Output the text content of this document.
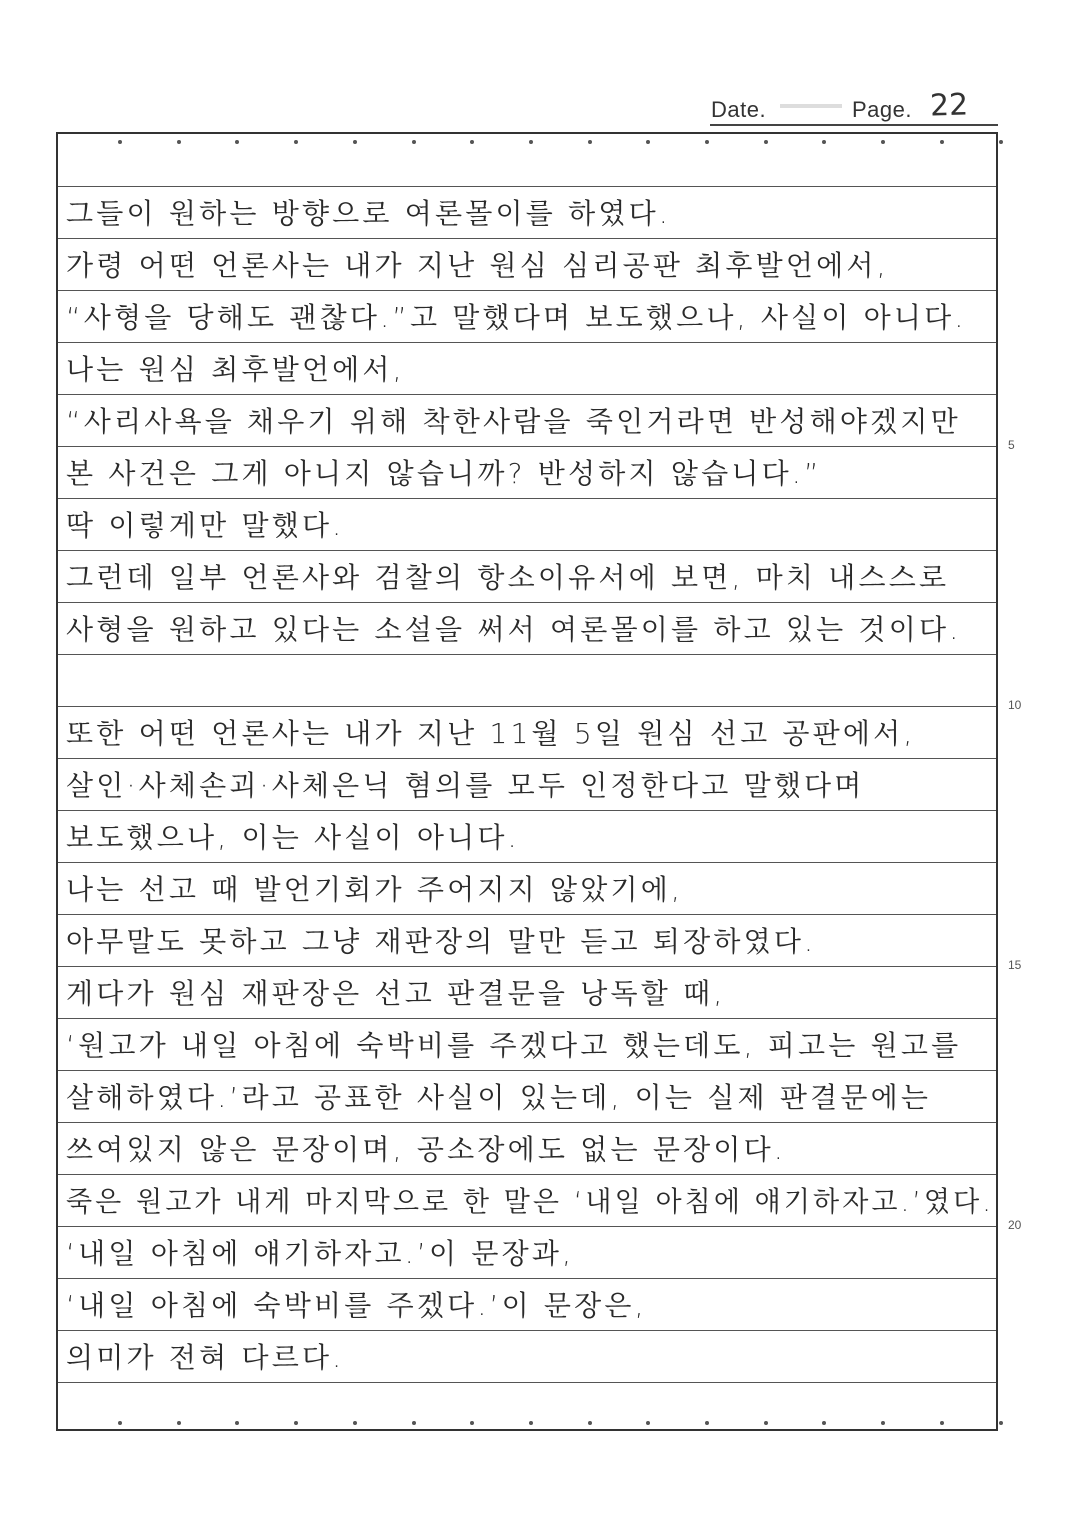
Date.	Page. 22
그들이 원하는 방향으로 여론몰이를 하였다.
가령 어떤 언론사는 내가 지난 원심 심리공판 최후발언에서,
“사형을 당해도 괜찮다.”고 말했다며 보도했으나, 사실이 아니다.
나는 원심 최후발언에서,
“사리사욕을 채우기 위해 착한사람을 죽인거라면 반성해야겠지만
본 사건은 그게 아니지 않습니까? 반성하지 않습니다.”
딱 이렇게만 말했다.
그런데 일부 언론사와 검찰의 항소이유서에 보면, 마치 내스스로
사형을 원하고 있다는 소설을 써서 여론몰이를 하고 있는 것이다.
또한 어떤 언론사는 내가 지난 11월 5일 원심 선고 공판에서,
살인·사체손괴·사체은닉 혐의를 모두 인정한다고 말했다며
보도했으나, 이는 사실이 아니다.
나는 선고 때 발언기회가 주어지지 않았기에,
아무말도 못하고 그냥 재판장의 말만 듣고 퇴장하였다.
게다가 원심 재판장은 선고 판결문을 낭독할 때,
‘원고가 내일 아침에 숙박비를 주겠다고 했는데도, 피고는 원고를
살해하였다.’라고 공표한 사실이 있는데, 이는 실제 판결문에는
쓰여있지 않은 문장이며, 공소장에도 없는 문장이다.
죽은 원고가 내게 마지막으로 한 말은 ‘내일 아침에 얘기하자고.’였다.
‘내일 아침에 얘기하자고.’이 문장과,
‘내일 아침에 숙박비를 주겠다.’이 문장은,
의미가 전혀 다르다.
5
10
15
20
